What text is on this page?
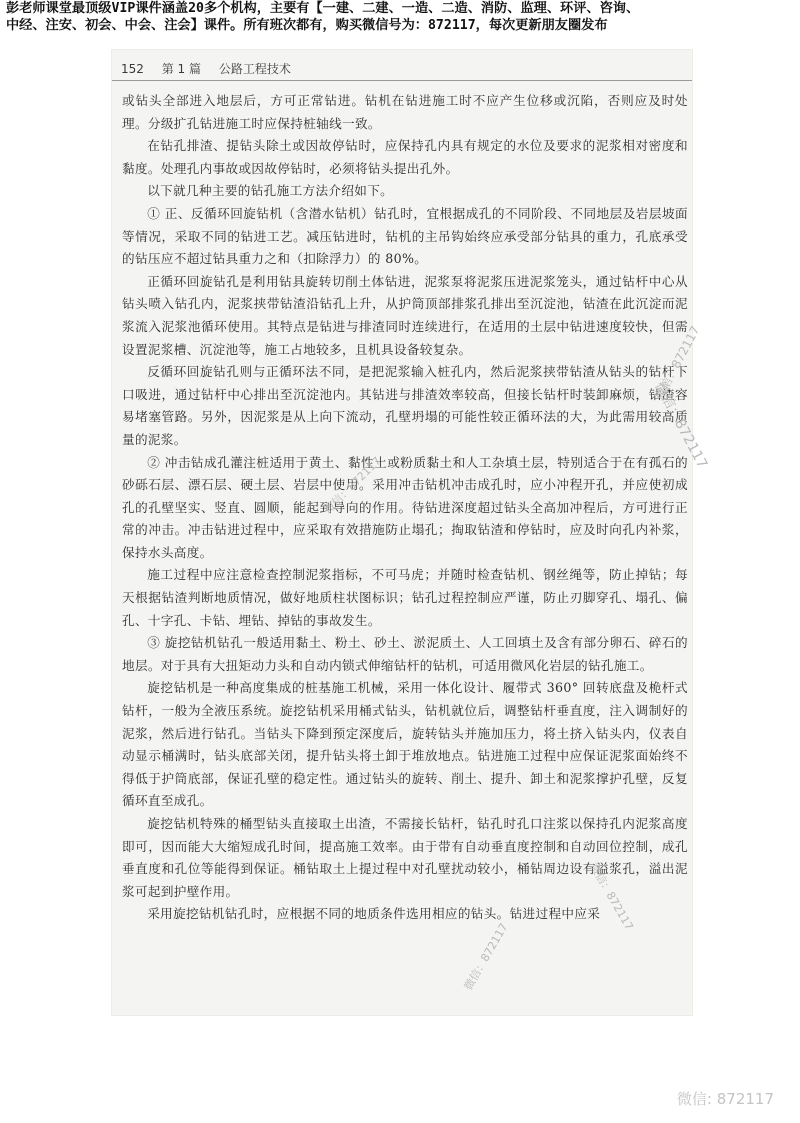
彭老师课堂最顶级VIP课件涵盖20多个机构，主要有【一建、二建、一造、二造、消防、监理、环评、咨询、
中经、注安、初会、中会、注会】课件。所有班次都有，购买微信号为：872117，每次更新朋友圈发布
152 第 1 篇 公路工程技术

或钻头全部进入地层后，方可正常钻进。钻机在钻进施工时不应产生位移或沉陷，否则应及时处理。分级扩孔钻进施工时应保持桩轴线一致。

在钻孔排渣、提钻头除土或因故停钻时，应保持孔内具有规定的水位及要求的泥浆相对密度和黏度。处理孔内事故或因故停钻时，必须将钻头提出孔外。

以下就几种主要的钻孔施工方法介绍如下。

① 正、反循环回旋钻机（含潜水钻机）钻孔时，宜根据成孔的不同阶段、不同地层及岩层坡面等情况，采取不同的钻进工艺。减压钻进时，钻机的主吊钩始终应承受部分钻具的重力，孔底承受的钻压应不超过钻具重力之和（扣除浮力）的 80%。

正循环回旋钻孔是利用钻具旋转切削土体钻进，泥浆泵将泥浆压进泥浆笼头，通过钻杆中心从钻头喷入钻孔内，泥浆挟带钻渣沿钻孔上升，从护筒顶部排浆孔排出至沉淀池，钻渣在此沉淀而泥浆流入泥浆池循环使用。其特点是钻进与排渣同时连续进行，在适用的土层中钻进速度较快，但需设置泥浆槽、沉淀池等，施工占地较多，且机具设备较复杂。

反循环回旋钻孔则与正循环法不同，是把泥浆输入桩孔内，然后泥浆挟带钻渣从钻头的钻杆下口吸进，通过钻杆中心排出至沉淀池内。其钻进与排渣效率较高，但接长钻杆时装卸麻烦，钻渣容易堵塞管路。另外，因泥浆是从上向下流动，孔壁坍塌的可能性较正循环法的大，为此需用较高质量的泥浆。

② 冲击钻成孔灌注桩适用于黄土、黏性土或粉质黏土和人工杂填土层，特别适合于在有孤石的砂砾石层、漂石层、硬土层、岩层中使用。采用冲击钻机冲击成孔时，应小冲程开孔，并应使初成孔的孔壁坚实、竖直、圆顺，能起到导向的作用。待钻进深度超过钻头全高加冲程后，方可进行正常的冲击。冲击钻进过程中，应采取有效措施防止塌孔；掏取钻渣和停钻时，应及时向孔内补浆，保持水头高度。

施工过程中应注意检查控制泥浆指标，不可马虎；并随时检查钻机、钢丝绳等，防止掉钻；每天根据钻渣判断地质情况，做好地质柱状图标识；钻孔过程控制应严谨，防止刃脚穿孔、塌孔、偏孔、十字孔、卡钻、埋钻、掉钻的事故发生。

③ 旋挖钻机钻孔一般适用黏土、粉土、砂土、淤泥质土、人工回填土及含有部分卵石、碎石的地层。对于具有大扭矩动力头和自动内锁式伸缩钻杆的钻机，可适用微风化岩层的钻孔施工。

旋挖钻机是一种高度集成的桩基施工机械，采用一体化设计、履带式 360° 回转底盘及桅杆式钻杆，一般为全液压系统。旋挖钻机采用桶式钻头，钻机就位后，调整钻杆垂直度，注入调制好的泥浆，然后进行钻孔。当钻头下降到预定深度后，旋转钻头并施加压力，将土挤入钻头内，仪表自动显示桶满时，钻头底部关闭，提升钻头将土卸于堆放地点。钻进施工过程中应保证泥浆面始终不得低于护筒底部，保证孔壁的稳定性。通过钻头的旋转、削土、提升、卸土和泥浆撑护孔壁，反复循环直至成孔。

旋挖钻机特殊的桶型钻头直接取土出渣，不需接长钻杆，钻孔时孔口注浆以保持孔内泥浆高度即可，因而能大大缩短成孔时间，提高施工效率。由于带有自动垂直度控制和自动回位控制，成孔垂直度和孔位等能得到保证。桶钻取土上提过程中对孔壁扰动较小，桶钻周边设有溢浆孔，溢出泥浆可起到护壁作用。

采用旋挖钻机钻孔时，应根据不同的地质条件选用相应的钻头。钻进过程中应采

微信：872117
微信：872117
微信：872117
微信：872117
微信：872117
微信: 872117
